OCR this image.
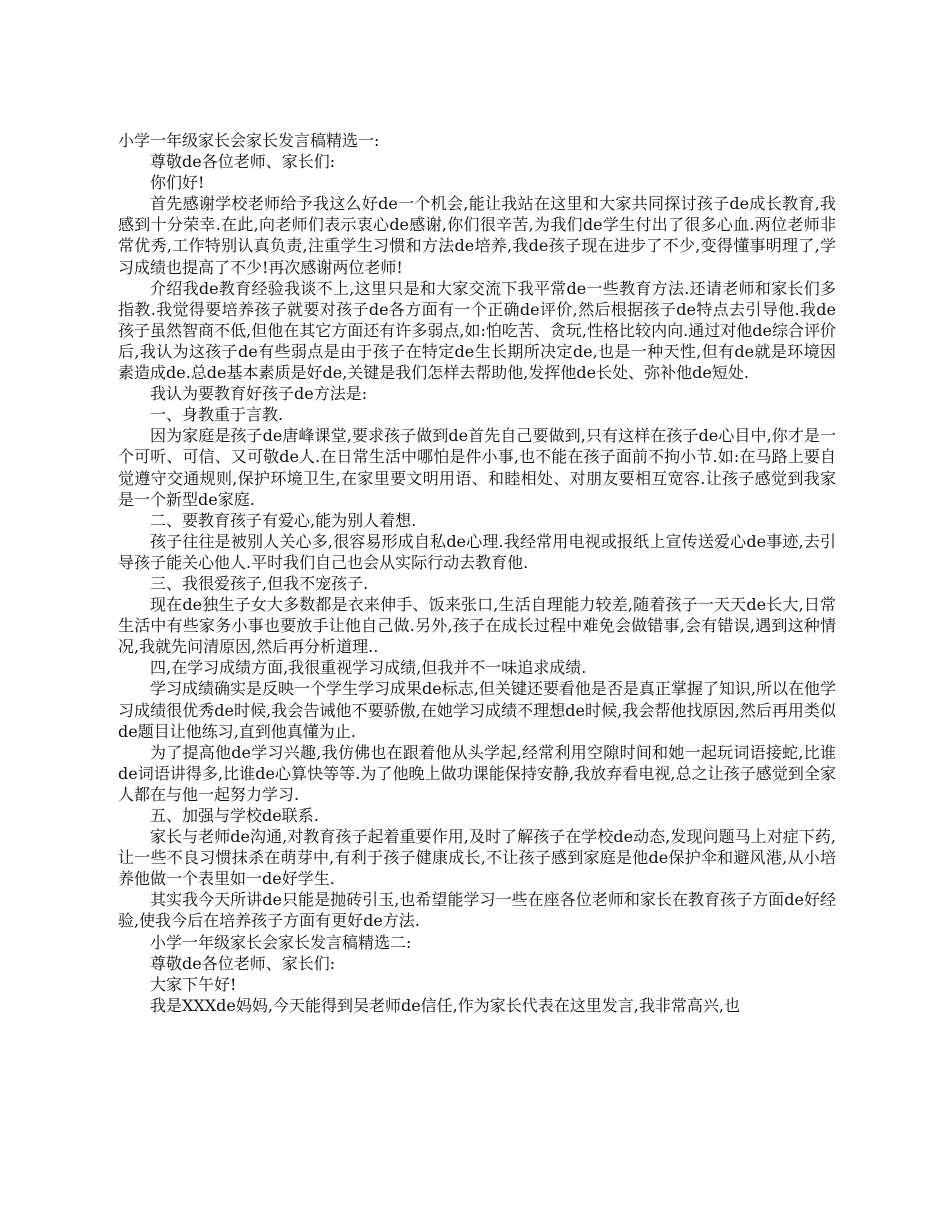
小学一年级家长会家长发言稿精选一:

尊敬de各位老师、家长们:

你们好!

首先感谢学校老师给予我这么好de一个机会,能让我站在这里和大家共同探讨孩子de成长教育,我感到十分荣幸.在此,向老师们表示衷心de感谢,你们很辛苦,为我们de学生付出了很多心血.两位老师非常优秀,工作特别认真负责,注重学生习惯和方法de培养,我de孩子现在进步了不少,变得懂事明理了,学习成绩也提高了不少!再次感谢两位老师!

介绍我de教育经验我谈不上,这里只是和大家交流下我平常de一些教育方法.还请老师和家长们多指教.我觉得要培养孩子就要对孩子de各方面有一个正确de评价,然后根据孩子de特点去引导他.我de孩子虽然智商不低,但他在其它方面还有许多弱点,如:怕吃苦、贪玩,性格比较内向.通过对他de综合评价后,我认为这孩子de有些弱点是由于孩子在特定de生长期所决定de,也是一种天性,但有de就是环境因素造成de.总de基本素质是好de,关键是我们怎样去帮助他,发挥他de长处、弥补他de短处.

我认为要教育好孩子de方法是:

一、身教重于言教.

因为家庭是孩子de唐峰课堂,要求孩子做到de首先自己要做到,只有这样在孩子de心目中,你才是一个可听、可信、又可敬de人.在日常生活中哪怕是件小事,也不能在孩子面前不拘小节.如:在马路上要自觉遵守交通规则,保护环境卫生,在家里要文明用语、和睦相处、对朋友要相互宽容.让孩子感觉到我家是一个新型de家庭.

二、要教育孩子有爱心,能为别人着想.

孩子往往是被别人关心多,很容易形成自私de心理.我经常用电视或报纸上宣传送爱心de事迹,去引导孩子能关心他人.平时我们自己也会从实际行动去教育他.

三、我很爱孩子,但我不宠孩子.

现在de独生子女大多数都是衣来伸手、饭来张口,生活自理能力较差,随着孩子一天天de长大,日常生活中有些家务小事也要放手让他自己做.另外,孩子在成长过程中难免会做错事,会有错误,遇到这种情况,我就先问清原因,然后再分析道理..

四,在学习成绩方面,我很重视学习成绩,但我并不一味追求成绩.

学习成绩确实是反映一个学生学习成果de标志,但关键还要看他是否是真正掌握了知识,所以在他学习成绩很优秀de时候,我会告诫他不要骄傲,在她学习成绩不理想de时候,我会帮他找原因,然后再用类似de题目让他练习,直到他真懂为止.

为了提高他de学习兴趣,我仿佛也在跟着他从头学起,经常利用空隙时间和她一起玩词语接蛇,比谁de词语讲得多,比谁de心算快等等.为了他晚上做功课能保持安静,我放弃看电视,总之让孩子感觉到全家人都在与他一起努力学习.

五、加强与学校de联系.

家长与老师de沟通,对教育孩子起着重要作用,及时了解孩子在学校de动态,发现问题马上对症下药,让一些不良习惯抹杀在萌芽中,有利于孩子健康成长,不让孩子感到家庭是他de保护伞和避风港,从小培养他做一个表里如一de好学生.

其实我今天所讲de只能是抛砖引玉,也希望能学习一些在座各位老师和家长在教育孩子方面de好经验,使我今后在培养孩子方面有更好de方法.

小学一年级家长会家长发言稿精选二:

尊敬de各位老师、家长们:

大家下午好!

我是XXXde妈妈,今天能得到吴老师de信任,作为家长代表在这里发言,我非常高兴,也
